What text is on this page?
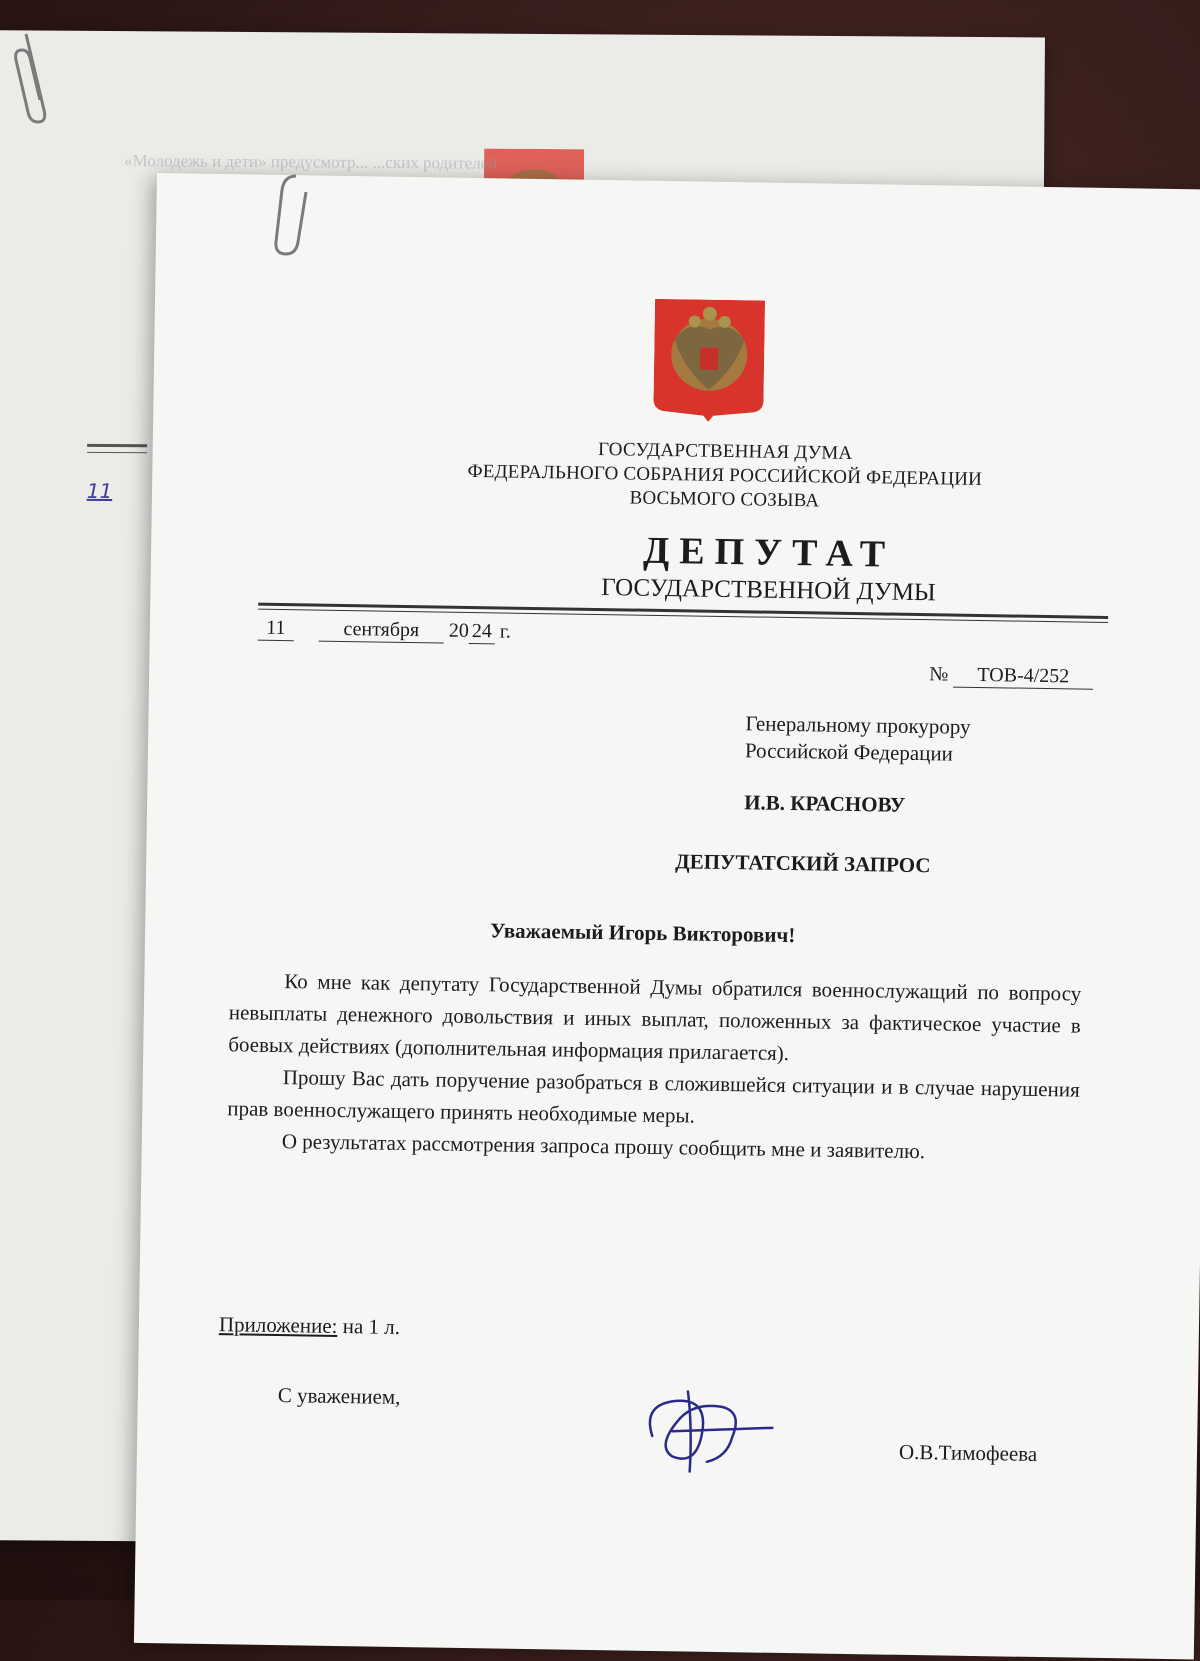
«Молодежь и дети» предусмотр... ...ских родителей
11
ГОСУДАРСТВЕННАЯ ДУМА
ФЕДЕРАЛЬНОГО СОБРАНИЯ РОССИЙСКОЙ ФЕДЕРАЦИИ
ВОСЬМОГО СОЗЫВА
ДЕПУТАТ
ГОСУДАРСТВЕННОЙ ДУМЫ
11	сентября 20 24 г.
№ ТОВ-4/252
Генеральному прокурору
Российской Федерации
И.В. КРАСНОВУ
ДЕПУТАТСКИЙ ЗАПРОС
Уважаемый Игорь Викторович!

Ко мне как депутату Государственной Думы обратился военнослужащий по вопросу невыплаты денежного довольствия и иных выплат, положенных за фактическое участие в боевых действиях (дополнительная информация прилагается).

Прошу Вас дать поручение разобраться в сложившейся ситуации и в случае нарушения прав военнослужащего принять необходимые меры.

О результатах рассмотрения запроса прошу сообщить мне и заявителю.

Приложение: на 1 л.
С уважением,
О.В.Тимофеева
